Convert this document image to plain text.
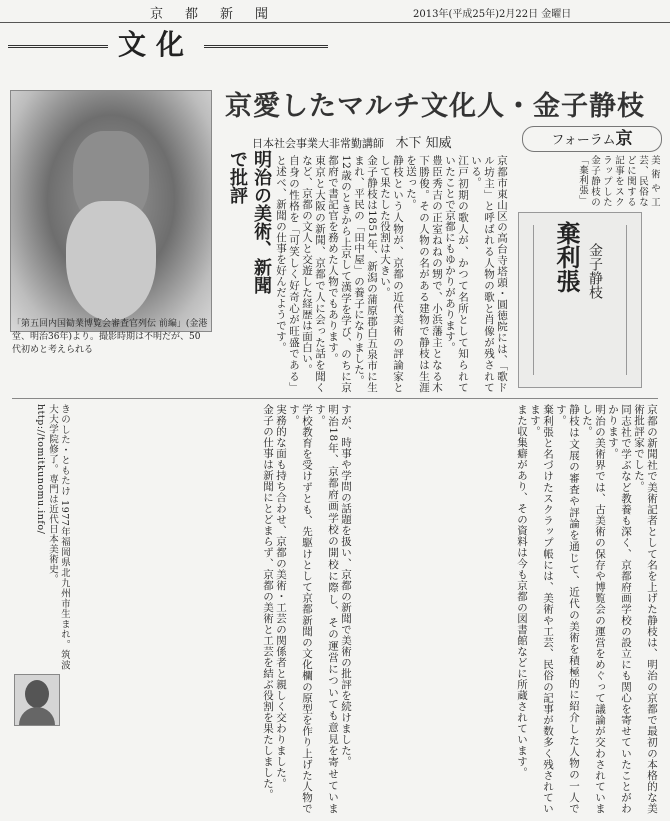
京都新聞	2013年(平成25年)2月22日 金曜日
文化
「第五回内国勧業博覧会審査官列伝 前編」(金港堂、明治36年)より。撮影時期は不明だが、50代初めと考えられる
京愛したマルチ文化人・金子静枝
日本社会事業大非常勤講師 木下 知威	フォーラム京
明治の美術、新聞で批評	京都市東山区の高台寺塔頭・圓徳院には、「歌ドル坊主」と呼ばれる人物の歌と肖像が残されている。

江戸初期の歌人が、かつて名所として知られていたことで京都にもゆかりがあります。

豊臣秀吉の正室ねねの甥で、小浜藩主となる木下勝俊。その人物の名がある建物で静枝は生涯を送った。

静枝という人物が、京都の近代美術の評論家として果たした役割は大きい。

金子静枝は1851年、新潟の蒲原郡白五泉市に生まれ、平民の「田中屋」の養子になりました。

12歳のときから上京して漢学を学び、のちに京都府で書記官を務めた人物でもあります。

東京と大阪の新聞、京都で人に会った話を聞くなど、京都の文人と交遊した経歴は面白い。

自身の性格を「可笑しく好奇心が旺盛である」と述べ、新聞の仕事を好んだようです。	美術や工芸、民俗などに関する記事をスクラップした金子静枝の「棄利張」
棄利張 金子静枝

京都の新聞社で美術記者として名を上げた静枝は、明治の京都で最初の本格的な美術批評家でした。

同志社で学ぶなど教養も深く、京都府画学校の設立にも関心を寄せていたことがわかります。

明治の美術界では、古美術の保存や博覧会の運営をめぐって議論が交わされていました。

静枝は文展の審査や評論を通じて、近代の美術を積極的に紹介した人物の一人です。

棄利張と名づけたスクラップ帳には、美術や工芸、民俗の記事が数多く残されています。

また収集癖があり、その資料は今も京都の図書館などに所蔵されています。

すが、時事や学問の話題を扱い、京都の新聞で美術の批評を続けました。

明治18年、京都府画学校の開校に際し、その運営についても意見を寄せています。

学校教育を受けずとも、先駆けとして京都新聞の文化欄の原型を作り上げた人物です。

実務的な面も持ち合わせ、京都の美術・工芸の関係者と親しく交わりました。

金子の仕事は新聞にとどまらず、京都の美術と工芸を結ぶ役割を果たしました。

きのした・ともたけ 1977年福岡県北九州市生まれ。筑波大大学院修了。専門は近代日本美術史。

http://tomitkunomu.info/
